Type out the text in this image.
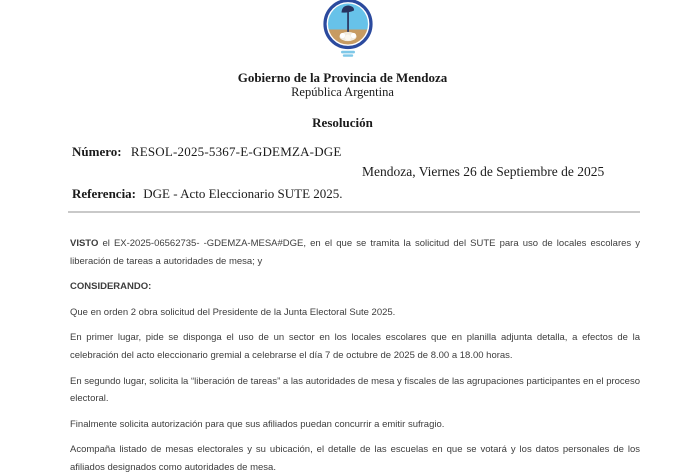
Gobierno de la Provincia de Mendoza
República Argentina
Resolución
Número: RESOL-2025-5367-E-GDEMZA-DGE
Mendoza, Viernes 26 de Septiembre de 2025
Referencia: DGE - Acto Eleccionario SUTE 2025.

VISTO el EX-2025-06562735- -GDEMZA-MESA#DGE, en el que se tramita la solicitud del SUTE para uso de locales escolares y liberación de tareas a autoridades de mesa; y

CONSIDERANDO:

Que en orden 2 obra solicitud del Presidente de la Junta Electoral Sute 2025.

En primer lugar, pide se disponga el uso de un sector en los locales escolares que en planilla adjunta detalla, a efectos de la celebración del acto eleccionario gremial a celebrarse el día 7 de octubre de 2025 de 8.00 a 18.00 horas.

En segundo lugar, solicita la “liberación de tareas” a las autoridades de mesa y fiscales de las agrupaciones participantes en el proceso electoral.

Finalmente solicita autorización para que sus afiliados puedan concurrir a emitir sufragio.

Acompaña listado de mesas electorales y su ubicación, el detalle de las escuelas en que se votará y los datos personales de los afiliados designados como autoridades de mesa.
